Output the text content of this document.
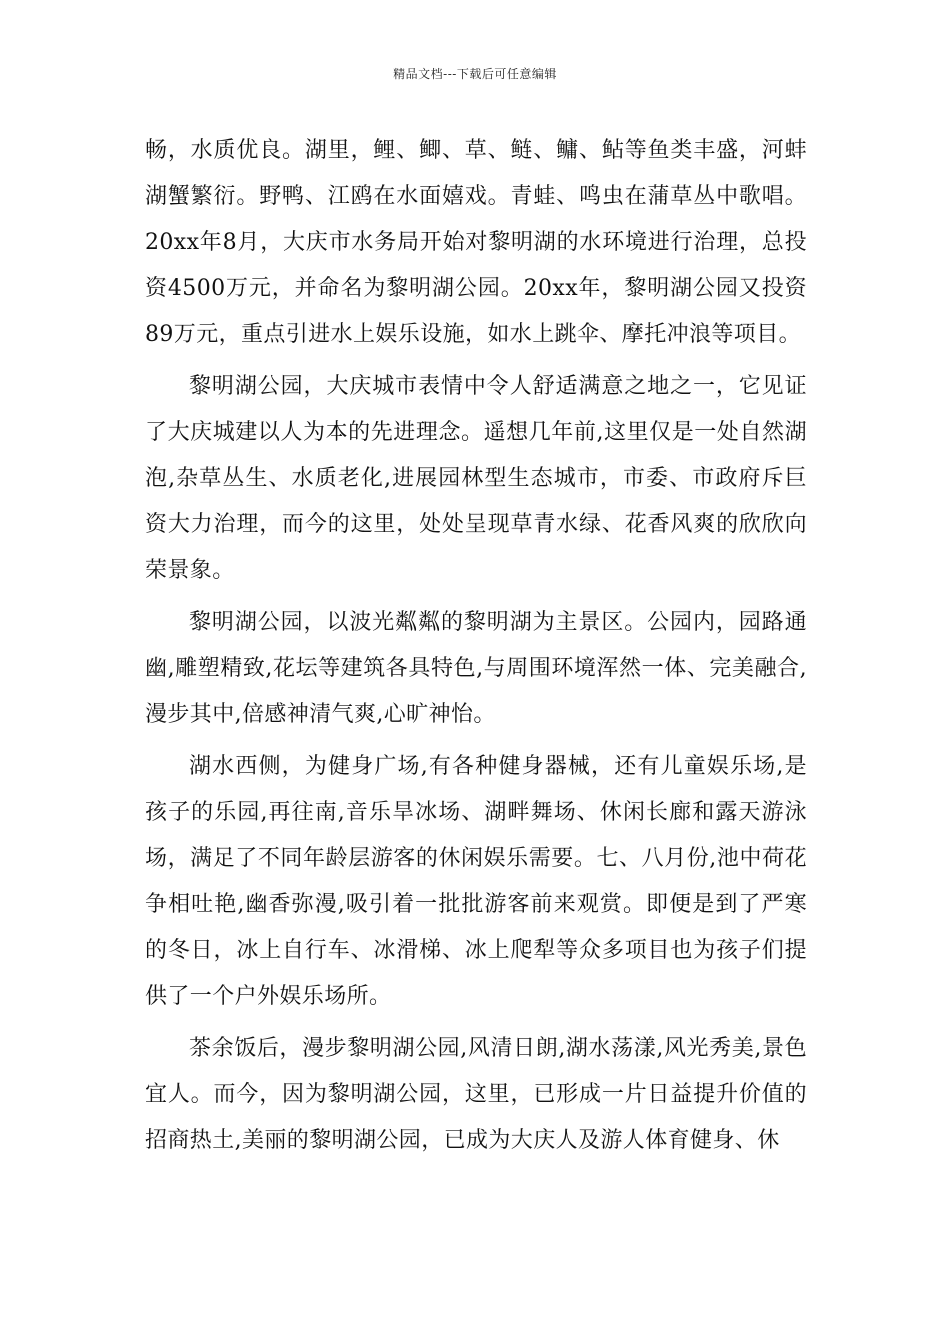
精品文档---下载后可任意编辑

畅，水质优良。湖里，鲤、鲫、草、鲢、鳙、鲇等鱼类丰盛，河蚌湖蟹繁衍。野鸭、江鸥在水面嬉戏。青蛙、鸣虫在蒲草丛中歌唱。20xx年8月，大庆市水务局开始对黎明湖的水环境进行治理，总投资4500万元，并命名为黎明湖公园。20xx年，黎明湖公园又投资89万元，重点引进水上娱乐设施，如水上跳伞、摩托冲浪等项目。

黎明湖公园，大庆城市表情中令人舒适满意之地之一，它见证了大庆城建以人为本的先进理念。遥想几年前,这里仅是一处自然湖泡,杂草丛生、水质老化,进展园林型生态城市，市委、市政府斥巨资大力治理，而今的这里，处处呈现草青水绿、花香风爽的欣欣向荣景象。

黎明湖公园，以波光粼粼的黎明湖为主景区。公园内，园路通幽,雕塑精致,花坛等建筑各具特色,与周围环境浑然一体、完美融合,漫步其中,倍感神清气爽,心旷神怡。

湖水西侧，为健身广场,有各种健身器械，还有儿童娱乐场,是孩子的乐园,再往南,音乐旱冰场、湖畔舞场、休闲长廊和露天游泳场，满足了不同年龄层游客的休闲娱乐需要。七、八月份,池中荷花争相吐艳,幽香弥漫,吸引着一批批游客前来观赏。即便是到了严寒的冬日，冰上自行车、冰滑梯、冰上爬犁等众多项目也为孩子们提供了一个户外娱乐场所。

茶余饭后，漫步黎明湖公园,风清日朗,湖水荡漾,风光秀美,景色宜人。而今，因为黎明湖公园，这里，已形成一片日益提升价值的招商热土,美丽的黎明湖公园，已成为大庆人及游人体育健身、休
